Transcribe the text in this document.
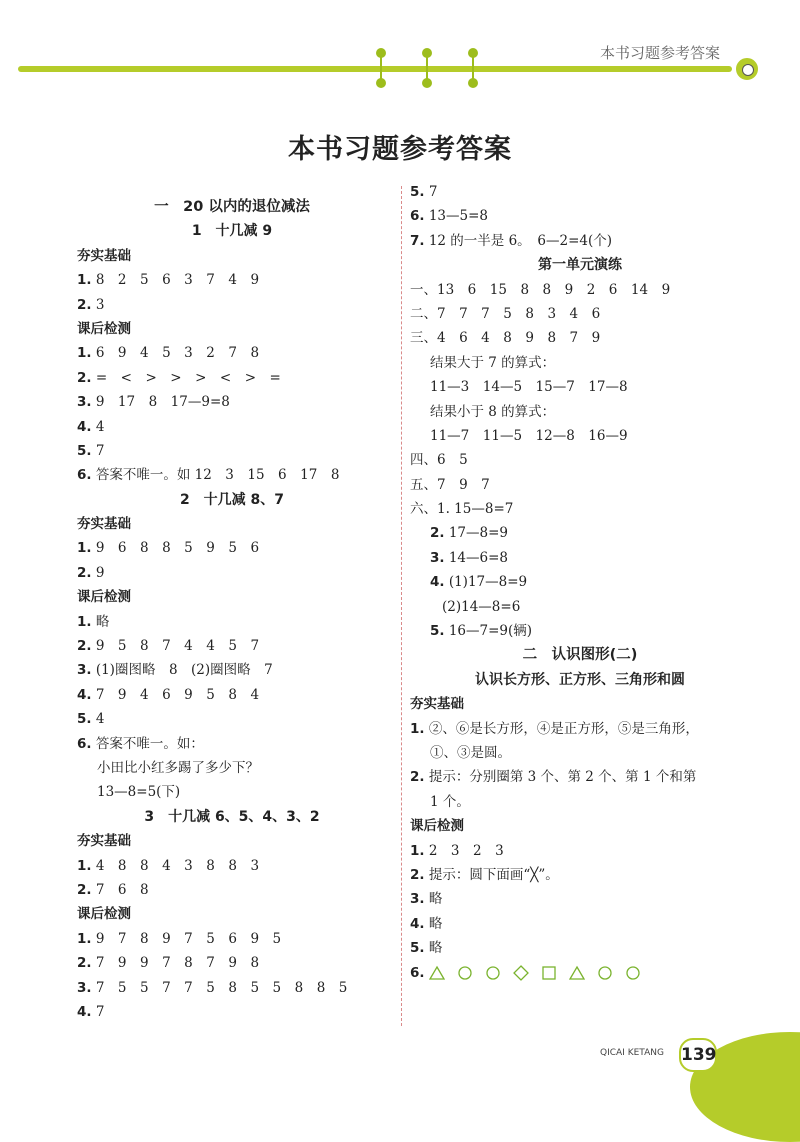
本书习题参考答案
本书习题参考答案
一　20 以内的退位减法
1　十几减 9
夯实基础
1. 8　2　5　6　3　7　4　9
2. 3
课后检测
1. 6　9　4　5　3　2　7　8
2. =　<　>　>　>　<　>　=
3. 9　17　8　17—9=8
4. 4
5. 7
6. 答案不唯一。如 12　3　15　6　17　8
2　十几减 8、7
夯实基础
1. 9　6　8　8　5　9　5　6
2. 9
课后检测
1. 略
2. 9　5　8　7　4　4　5　7
3. (1)圈图略　8　(2)圈图略　7
4. 7　9　4　6　9　5　8　4
5. 4
6. 答案不唯一。如：
小田比小红多踢了多少下？
13—8=5(下)
3　十几减 6、5、4、3、2
夯实基础
1. 4　8　8　4　3　8　8　3
2. 7　6　8
课后检测
1. 9　7　8　9　7　5　6　9　5
2. 7　9　9　7　8　7　9　8
3. 7　5　5　7　7　5　8　5　5　8　8　5
4. 7
5. 7
6. 13—5=8
7. 12 的一半是 6。　6—2=4(个)
第一单元演练
一、13　6　15　8　8　9　2　6　14　9
二、7　7　7　5　8　3　4　6
三、4　6　4　8　9　8　7　9
结果大于 7 的算式：
11—3　14—5　15—7　17—8
结果小于 8 的算式：
11—7　11—5　12—8　16—9
四、6　5
五、7　9　7
六、1. 15—8=7
2. 17—8=9
3. 14—6=8
4. (1)17—8=9
(2)14—8=6
5. 16—7=9(辆)
二　认识图形(二)
认识长方形、正方形、三角形和圆
夯实基础
1. ②、⑥是长方形，④是正方形，⑤是三角形，
①、③是圆。
2. 提示：分别圈第 3 个、第 2 个、第 1 个和第
1 个。
课后检测
1. 2　3　2　3
2. 提示：圆下面画“╳”。
3. 略
4. 略
5. 略
6.
QICAI KETANG 139
